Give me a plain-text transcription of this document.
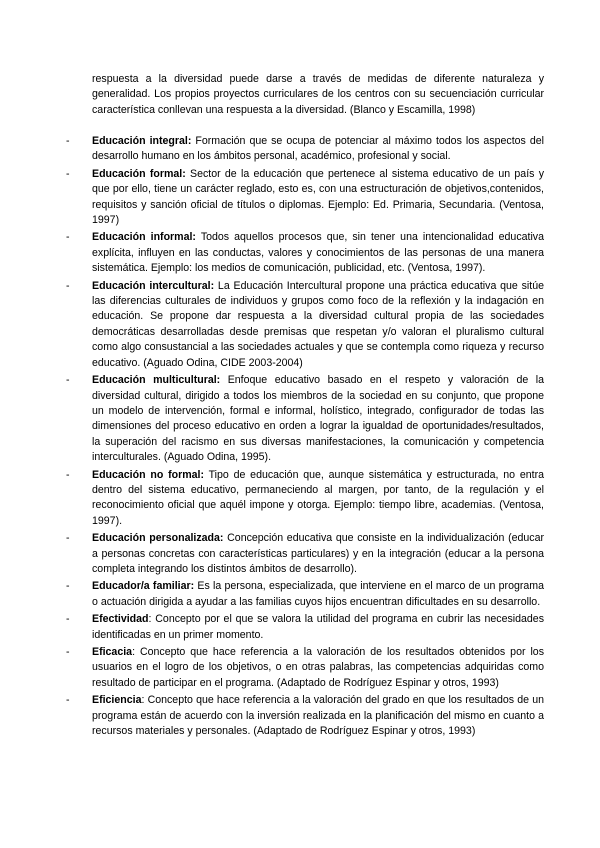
respuesta a la diversidad puede darse a través de medidas de diferente naturaleza y generalidad. Los propios proyectos curriculares de los centros con su secuenciación curricular característica conllevan una respuesta a la diversidad. (Blanco y Escamilla, 1998)

-	Educación integral: Formación que se ocupa de potenciar al máximo todos los aspectos del desarrollo humano en los ámbitos personal, académico, profesional y social.
-	Educación formal: Sector de la educación que pertenece al sistema educativo de un país y que por ello, tiene un carácter reglado, esto es, con una estructuración de objetivos,contenidos, requisitos y sanción oficial de títulos o diplomas. Ejemplo: Ed. Primaria, Secundaria. (Ventosa, 1997)
-	Educación informal: Todos aquellos procesos que, sin tener una intencionalidad educativa explícita, influyen en las conductas, valores y conocimientos de las personas de una manera sistemática. Ejemplo: los medios de comunicación, publicidad, etc. (Ventosa, 1997).
-	Educación intercultural: La Educación Intercultural propone una práctica educativa que sitúe las diferencias culturales de individuos y grupos como foco de la reflexión y la indagación en educación. Se propone dar respuesta a la diversidad cultural propia de las sociedades democráticas desarrolladas desde premisas que respetan y/o valoran el pluralismo cultural como algo consustancial a las sociedades actuales y que se contempla como riqueza y recurso educativo. (Aguado Odina, CIDE 2003-2004)
-	Educación multicultural: Enfoque educativo basado en el respeto y valoración de la diversidad cultural, dirigido a todos los miembros de la sociedad en su conjunto, que propone un modelo de intervención, formal e informal, holístico, integrado, configurador de todas las dimensiones del proceso educativo en orden a lograr la igualdad de oportunidades/resultados, la superación del racismo en sus diversas manifestaciones, la comunicación y competencia interculturales. (Aguado Odina, 1995).
-	Educación no formal: Tipo de educación que, aunque sistemática y estructurada, no entra dentro del sistema educativo, permaneciendo al margen, por tanto, de la regulación y el reconocimiento oficial que aquél impone y otorga. Ejemplo: tiempo libre, academias. (Ventosa, 1997).
-	Educación personalizada: Concepción educativa que consiste en la individualización (educar a personas concretas con características particulares) y en la integración (educar a la persona completa integrando los distintos ámbitos de desarrollo).
-	Educador/a familiar: Es la persona, especializada, que interviene en el marco de un programa o actuación dirigida a ayudar a las familias cuyos hijos encuentran dificultades en su desarrollo.
-	Efectividad: Concepto por el que se valora la utilidad del programa en cubrir las necesidades identificadas en un primer momento.
-	Eficacia: Concepto que hace referencia a la valoración de los resultados obtenidos por los usuarios en el logro de los objetivos, o en otras palabras, las competencias adquiridas como resultado de participar en el programa. (Adaptado de Rodríguez Espinar y otros, 1993)
-	Eficiencia: Concepto que hace referencia a la valoración del grado en que los resultados de un programa están de acuerdo con la inversión realizada en la planificación del mismo en cuanto a recursos materiales y personales. (Adaptado de Rodríguez Espinar y otros, 1993)
